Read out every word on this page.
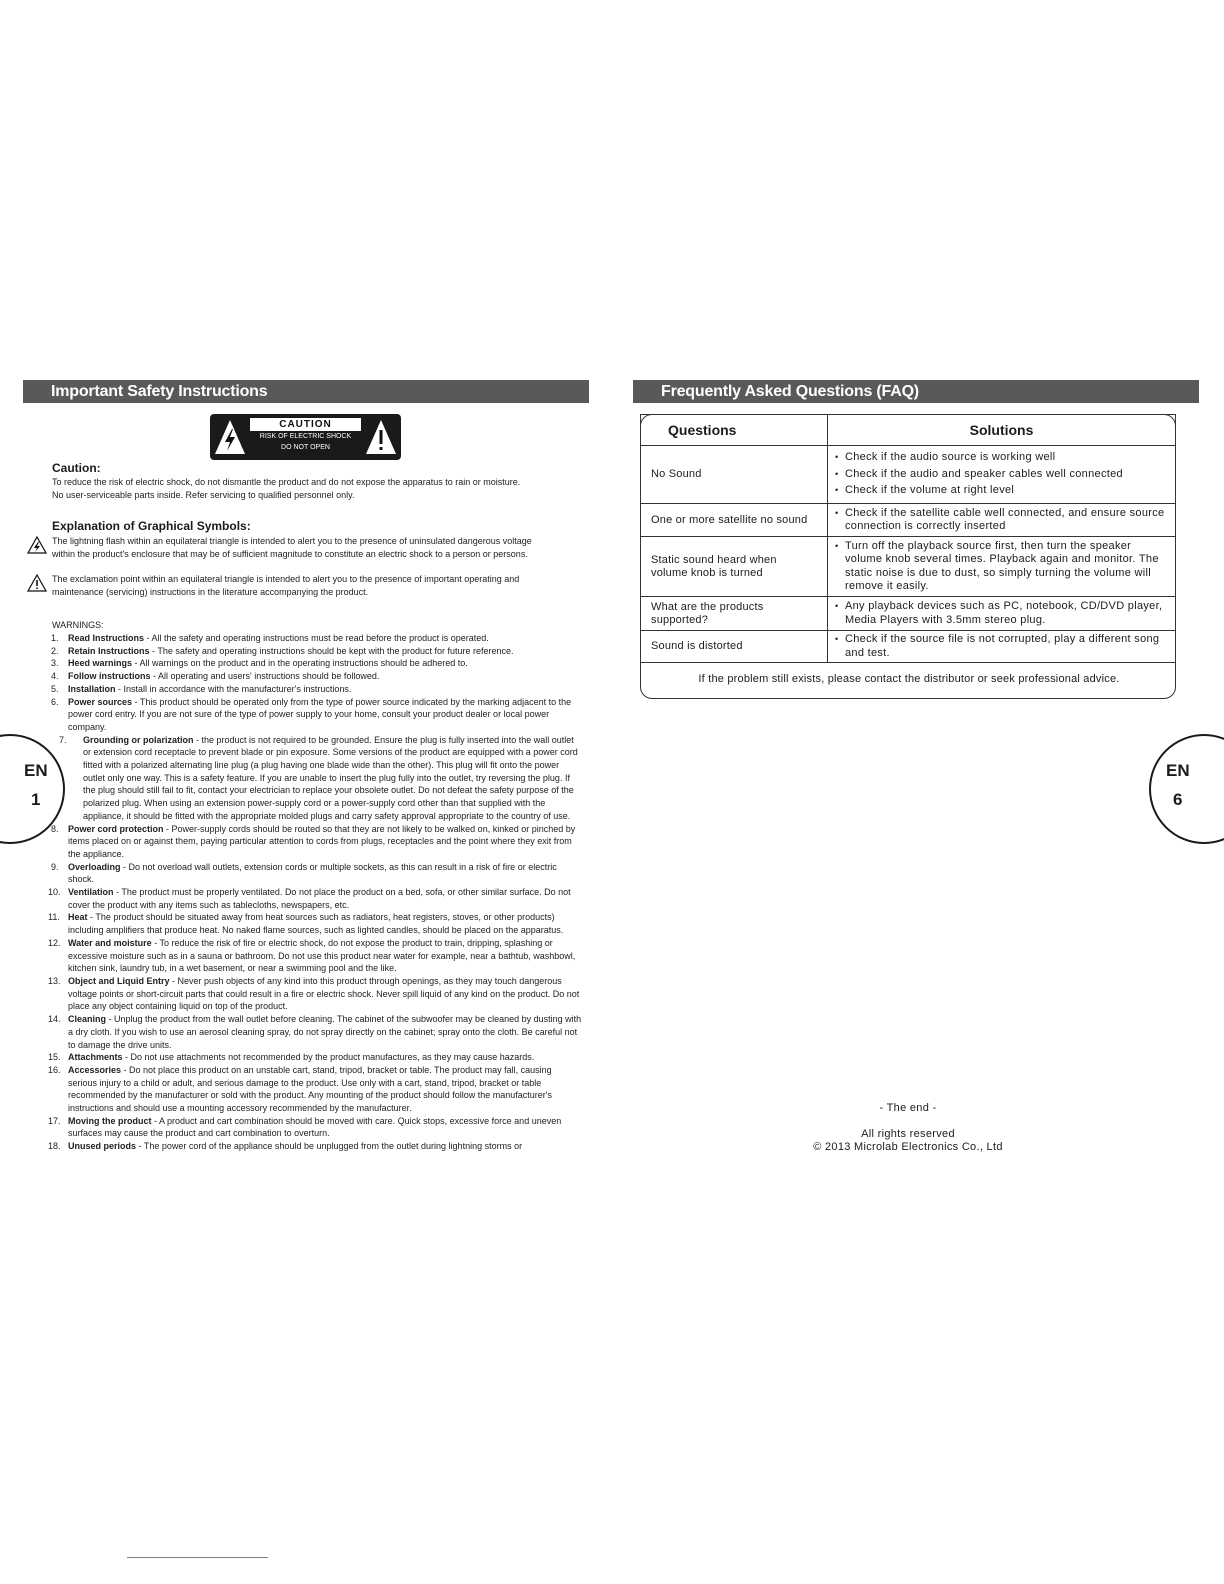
Important Safety Instructions
CAUTION
RISK OF ELECTRIC SHOCK
DO NOT OPEN
Caution:
To reduce the risk of electric shock, do not dismantle the product and do not expose the apparatus to rain or moisture.
No user-serviceable parts inside. Refer servicing to qualified personnel only.
Explanation of Graphical Symbols:
The lightning flash within an equilateral triangle is intended to alert you to the presence of uninsulated dangerous voltage
within the product's enclosure that may be of sufficient magnitude to constitute an electric shock to a person or persons.
The exclamation point within an equilateral triangle is intended to alert you to the presence of important operating and
maintenance (servicing) instructions in the literature accompanying the product.
WARNINGS:
1. Read Instructions - All the safety and operating instructions must be read before the product is operated.
2. Retain Instructions - The safety and operating instructions should be kept with the product for future reference.
3. Heed warnings - All warnings on the product and in the operating instructions should be adhered to.
4. Follow instructions - All operating and users' instructions should be followed.
5. Installation - Install in accordance with the manufacturer's instructions.
6. Power sources - This product should be operated only from the type of power source indicated by the marking adjacent to the power cord entry. If you are not sure of the type of power supply to your home, consult your product dealer or local power company.
7. Grounding or polarization - the product is not required to be grounded. Ensure the plug is fully inserted into the wall outlet or extension cord receptacle to prevent blade or pin exposure. Some versions of the product are equipped with a power cord fitted with a polarized alternating line plug (a plug having one blade wide than the other). This plug will fit onto the power outlet only one way. This is a safety feature. If you are unable to insert the plug fully into the outlet, try reversing the plug. If the plug should still fail to fit, contact your electrician to replace your obsolete outlet. Do not defeat the safety purpose of the polarized plug. When using an extension power-supply cord or a power-supply cord other than that supplied with the appliance, it should be fitted with the appropriate molded plugs and carry safety approval appropriate to the country of use.
8. Power cord protection - Power-supply cords should be routed so that they are not likely to be walked on, kinked or pinched by items placed on or against them, paying particular attention to cords from plugs, receptacles and the point where they exit from the appliance.
9. Overloading - Do not overload wall outlets, extension cords or multiple sockets, as this can result in a risk of fire or electric shock.
10. Ventilation - The product must be properly ventilated. Do not place the product on a bed, sofa, or other similar surface. Do not cover the product with any items such as tablecloths, newspapers, etc.
11. Heat - The product should be situated away from heat sources such as radiators, heat registers, stoves, or other products) including amplifiers that produce heat. No naked flame sources, such as lighted candles, should be placed on the apparatus.
12. Water and moisture - To reduce the risk of fire or electric shock, do not expose the product to train, dripping, splashing or excessive moisture such as in a sauna or bathroom. Do not use this product near water for example, near a bathtub, washbowl, kitchen sink, laundry tub, in a wet basement, or near a swimming pool and the like.
13. Object and Liquid Entry - Never push objects of any kind into this product through openings, as they may touch dangerous voltage points or short-circuit parts that could result in a fire or electric shock. Never spill liquid of any kind on the product. Do not place any object containing liquid on top of the product.
14. Cleaning - Unplug the product from the wall outlet before cleaning. The cabinet of the subwoofer may be cleaned by dusting with a dry cloth. If you wish to use an aerosol cleaning spray, do not spray directly on the cabinet; spray onto the cloth. Be careful not to damage the drive units.
15. Attachments - Do not use attachments not recommended by the product manufactures, as they may cause hazards.
16. Accessories - Do not place this product on an unstable cart, stand, tripod, bracket or table. The product may fall, causing serious injury to a child or adult, and serious damage to the product. Use only with a cart, stand, tripod, bracket or table recommended by the manufacturer or sold with the product. Any mounting of the product should follow the manufacturer's instructions and should use a mounting accessory recommended by the manufacturer.
17. Moving the product - A product and cart combination should be moved with care. Quick stops, excessive force and uneven surfaces may cause the product and cart combination to overturn.
18. Unused periods - The power cord of the appliance should be unplugged from the outlet during lightning storms or
EN
1
Frequently Asked Questions (FAQ)
Questions	Solutions

No Sound	• Check if the audio source is working well
• Check if the audio and speaker cables well connected
• Check if the volume at right level

One or more satellite no sound	• Check if the satellite cable well connected, and ensure source connection is correctly inserted

Static sound heard when
volume knob is turned	• Turn off the playback source first, then turn the speaker volume knob several times. Playback again and monitor. The static noise is due to dust, so simply turning the volume will remove it easily.

What are the products
supported?	• Any playback devices such as PC, notebook, CD/DVD player, Media Players with 3.5mm stereo plug.

Sound is distorted	• Check if the source file is not corrupted, play a different song and test.
If the problem still exists, please contact the distributor or seek professional advice.
- The end -
All rights reserved
© 2013 Microlab Electronics Co., Ltd
EN
6
